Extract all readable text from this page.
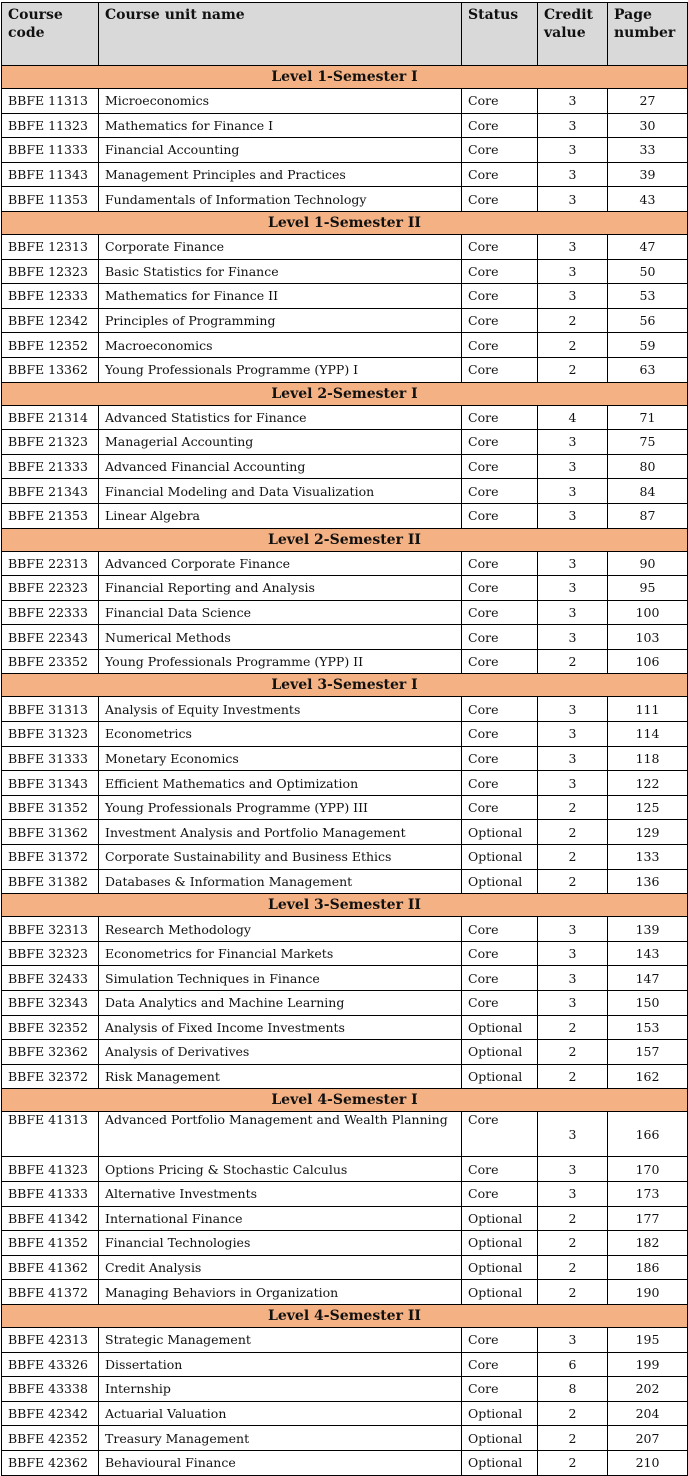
Course code	Course unit name	Status	Credit value	Page number
Level 1-Semester I				
BBFE 11313	Microeconomics	Core	3	27
BBFE 11323	Mathematics for Finance I	Core	3	30
BBFE 11333	Financial Accounting	Core	3	33
BBFE 11343	Management Principles and Practices	Core	3	39
BBFE 11353	Fundamentals of Information Technology	Core	3	43
Level 1-Semester II				
BBFE 12313	Corporate Finance	Core	3	47
BBFE 12323	Basic Statistics for Finance	Core	3	50
BBFE 12333	Mathematics for Finance II	Core	3	53
BBFE 12342	Principles of Programming	Core	2	56
BBFE 12352	Macroeconomics	Core	2	59
BBFE 13362	Young Professionals Programme (YPP) I	Core	2	63
Level 2-Semester I				
BBFE 21314	Advanced Statistics for Finance	Core	4	71
BBFE 21323	Managerial Accounting	Core	3	75
BBFE 21333	Advanced Financial Accounting	Core	3	80
BBFE 21343	Financial Modeling and Data Visualization	Core	3	84
BBFE 21353	Linear Algebra	Core	3	87
Level 2-Semester II				
BBFE 22313	Advanced Corporate Finance	Core	3	90
BBFE 22323	Financial Reporting and Analysis	Core	3	95
BBFE 22333	Financial Data Science	Core	3	100
BBFE 22343	Numerical Methods	Core	3	103
BBFE 23352	Young Professionals Programme (YPP) II	Core	2	106
Level 3-Semester I				
BBFE 31313	Analysis of Equity Investments	Core	3	111
BBFE 31323	Econometrics	Core	3	114
BBFE 31333	Monetary Economics	Core	3	118
BBFE 31343	Efficient Mathematics and Optimization	Core	3	122
BBFE 31352	Young Professionals Programme (YPP) III	Core	2	125
BBFE 31362	Investment Analysis and Portfolio Management	Optional	2	129
BBFE 31372	Corporate Sustainability and Business Ethics	Optional	2	133
BBFE 31382	Databases & Information Management	Optional	2	136
Level 3-Semester II				
BBFE 32313	Research Methodology	Core	3	139
BBFE 32323	Econometrics for Financial Markets	Core	3	143
BBFE 32433	Simulation Techniques in Finance	Core	3	147
BBFE 32343	Data Analytics and Machine Learning	Core	3	150
BBFE 32352	Analysis of Fixed Income Investments	Optional	2	153
BBFE 32362	Analysis of Derivatives	Optional	2	157
BBFE 32372	Risk Management	Optional	2	162
Level 4-Semester I				
BBFE 41313	Advanced Portfolio Management and Wealth Planning	Core	3	166
BBFE 41323	Options Pricing & Stochastic Calculus	Core	3	170
BBFE 41333	Alternative Investments	Core	3	173
BBFE 41342	International Finance	Optional	2	177
BBFE 41352	Financial Technologies	Optional	2	182
BBFE 41362	Credit Analysis	Optional	2	186
BBFE 41372	Managing Behaviors in Organization	Optional	2	190
Level 4-Semester II				
BBFE 42313	Strategic Management	Core	3	195
BBFE 43326	Dissertation	Core	6	199
BBFE 43338	Internship	Core	8	202
BBFE 42342	Actuarial Valuation	Optional	2	204
BBFE 42352	Treasury Management	Optional	2	207
BBFE 42362	Behavioural Finance	Optional	2	210
